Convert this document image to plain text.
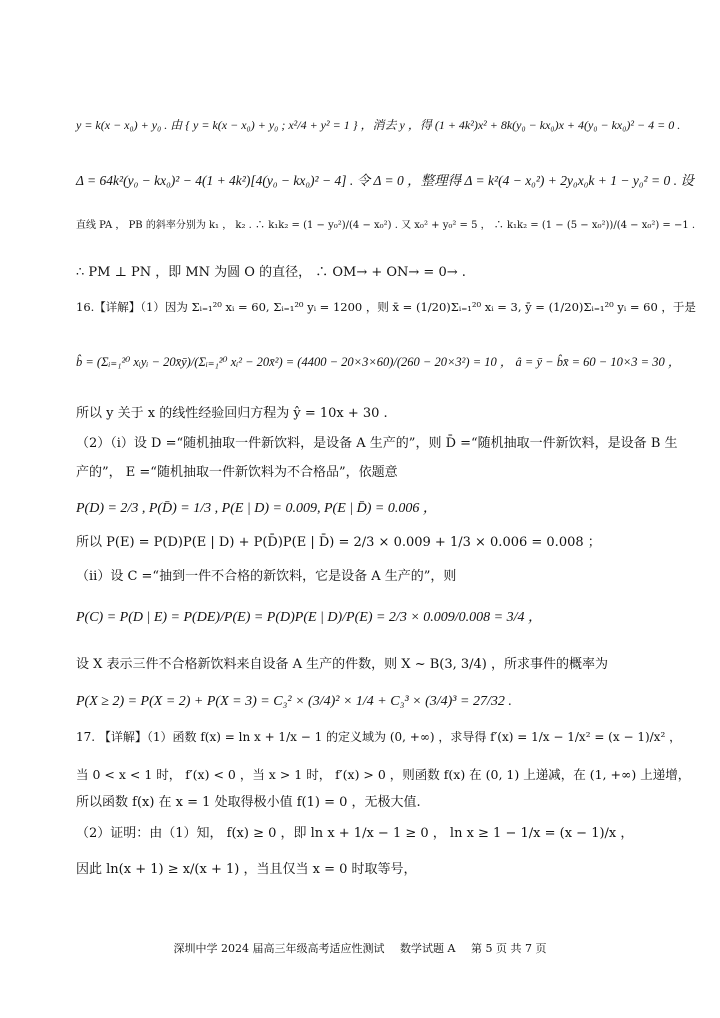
y = k(x − x₀) + y₀ . 由 { y = k(x − x₀) + y₀ ; x²/4 + y² = 1 } ，消去 y ，得 (1 + 4k²)x² + 8k(y₀ − kx₀)x + 4(y₀ − kx₀)² − 4 = 0 .
Δ = 64k²(y₀ − kx₀)² − 4(1 + 4k²)[4(y₀ − kx₀)² − 4] . 令 Δ = 0 ，整理得 Δ = k²(4 − x₀²) + 2y₀x₀k + 1 − y₀² = 0 . 设
直线 PA ， PB 的斜率分别为 k₁ ， k₂ . ∴ k₁k₂ = (1 − y₀²)/(4 − x₀²) . 又 x₀² + y₀² = 5 ， ∴ k₁k₂ = (1 − (5 − x₀²))/(4 − x₀²) = −1 .
∴ PM ⊥ PN ，即 MN 为圆 O 的直径， ∴ OM→ + ON→ = 0→ .
16.【详解】（1）因为 Σᵢ₌₁²⁰ xᵢ = 60, Σᵢ₌₁²⁰ yᵢ = 1200 ，则 x̄ = (1/20)Σᵢ₌₁²⁰ xᵢ = 3, ȳ = (1/20)Σᵢ₌₁²⁰ yᵢ = 60 ，于是
b̂ = (Σᵢ₌₁²⁰ xᵢyᵢ − 20x̄ȳ)/(Σᵢ₌₁²⁰ xᵢ² − 20x̄²) = (4400 − 20×3×60)/(260 − 20×3²) = 10 ， â = ȳ − b̂x̄ = 60 − 10×3 = 30 ，
所以 y 关于 x 的线性经验回归方程为 ŷ = 10x + 30 .
（2）（i）设 D =“随机抽取一件新饮料，是设备 A 生产的”，则 D̄ =“随机抽取一件新饮料，是设备 B 生
产的”， E =“随机抽取一件新饮料为不合格品”，依题意
P(D) = 2/3 , P(D̄) = 1/3 , P(E | D) = 0.009, P(E | D̄) = 0.006 ，
所以 P(E) = P(D)P(E | D) + P(D̄)P(E | D̄) = 2/3 × 0.009 + 1/3 × 0.006 = 0.008 ；
（ii）设 C =“抽到一件不合格的新饮料，它是设备 A 生产的”，则
P(C) = P(D | E) = P(DE)/P(E) = P(D)P(E | D)/P(E) = 2/3 × 0.009/0.008 = 3/4 ，
设 X 表示三件不合格新饮料来自设备 A 生产的件数，则 X ~ B(3, 3/4) ，所求事件的概率为
P(X ≥ 2) = P(X = 2) + P(X = 3) = C₃² × (3/4)² × 1/4 + C₃³ × (3/4)³ = 27/32 .
17. 【详解】（1）函数 f(x) = ln x + 1/x − 1 的定义域为 (0, +∞) ，求导得 f′(x) = 1/x − 1/x² = (x − 1)/x² ，
当 0 < x < 1 时， f′(x) < 0 ，当 x > 1 时， f′(x) > 0 ，则函数 f(x) 在 (0, 1) 上递减，在 (1, +∞) 上递增，
所以函数 f(x) 在 x = 1 处取得极小值 f(1) = 0 ，无极大值.
（2）证明：由（1）知， f(x) ≥ 0 ，即 ln x + 1/x − 1 ≥ 0 ， ln x ≥ 1 − 1/x = (x − 1)/x ，
因此 ln(x + 1) ≥ x/(x + 1) ，当且仅当 x = 0 时取等号，
深圳中学 2024 届高三年级高考适应性测试 数学试题 A 第 5 页 共 7 页
